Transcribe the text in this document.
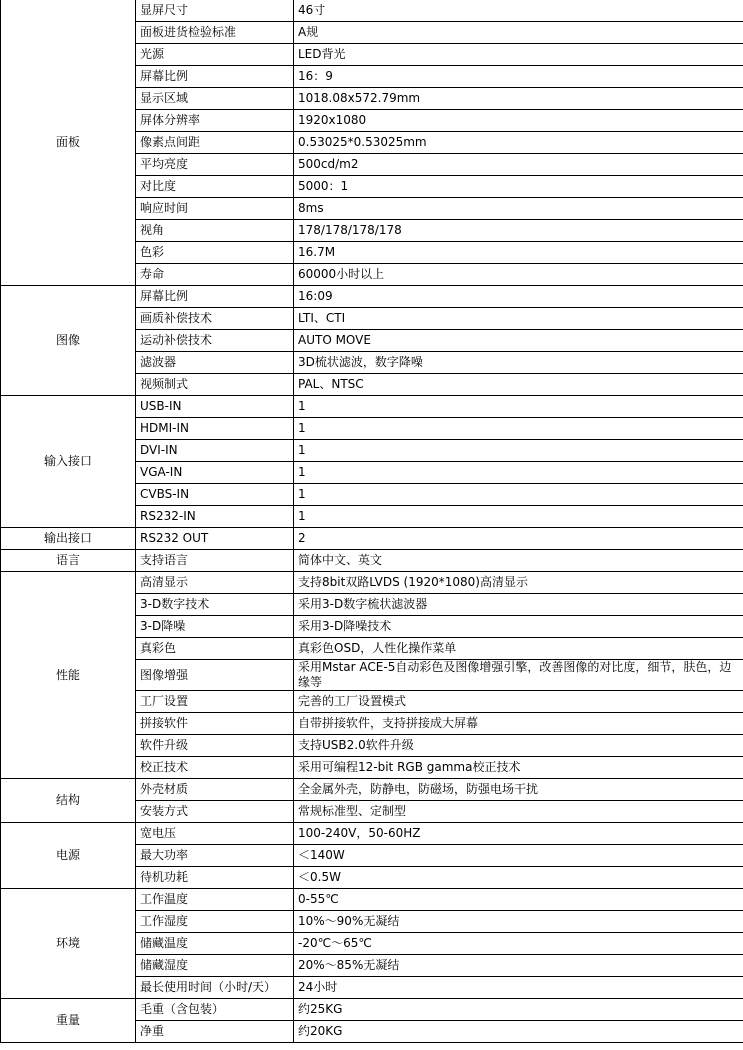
面板	显屏尺寸	46寸
	面板进货检验标准	A规
	光源	LED背光
	屏幕比例	16：9
	显示区域	1018.08x572.79mm
	屏体分辨率	1920x1080
	像素点间距	0.53025*0.53025mm
	平均亮度	500cd/m2
	对比度	5000：1
	响应时间	8ms
	视角	178/178/178/178
	色彩	16.7M
	寿命	60000小时以上
图像	屏幕比例	16:09
	画质补偿技术	LTI、CTI
	运动补偿技术	AUTO MOVE
	滤波器	3D梳状滤波，数字降噪
	视频制式	PAL、NTSC
输入接口	USB-IN	1
	HDMI-IN	1
	DVI-IN	1
	VGA-IN	1
	CVBS-IN	1
	RS232-IN	1
输出接口	RS232 OUT	2
语言	支持语言	简体中文、英文
性能	高清显示	支持8bit双路LVDS (1920*1080)高清显示
	3-D数字技术	采用3-D数字梳状滤波器
	3-D降噪	采用3-D降噪技术
	真彩色	真彩色OSD，人性化操作菜单
	图像增强	采用Mstar ACE-5自动彩色及图像增强引擎，改善图像的对比度，细节，肤色，边缘等
	工厂设置	完善的工厂设置模式
	拼接软件	自带拼接软件，支持拼接成大屏幕
	软件升级	支持USB2.0软件升级
	校正技术	采用可编程12-bit RGB gamma校正技术
结构	外壳材质	全金属外壳，防静电，防磁场，防强电场干扰
	安装方式	常规标准型、定制型
电源	宽电压	100-240V，50-60HZ
	最大功率	＜140W
	待机功耗	＜0.5W
环境	工作温度	0-55℃
	工作湿度	10%～90%无凝结
	储藏温度	-20℃～65℃
	储藏湿度	20%～85%无凝结
	最长使用时间（小时/天）	24小时
重量	毛重（含包装）	约25KG
	净重	约20KG
